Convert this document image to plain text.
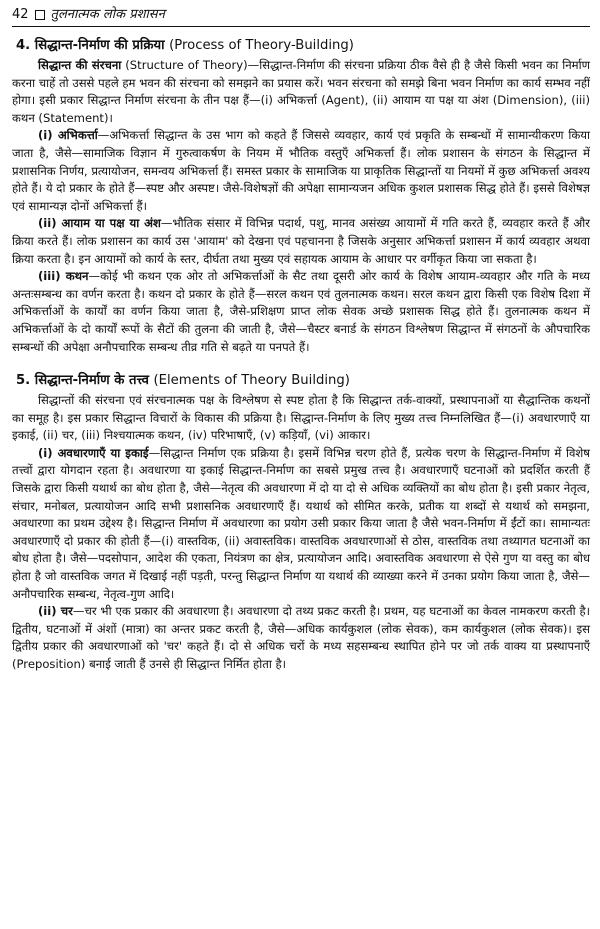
42 तुलनात्मक लोक प्रशासन
4. सिद्धान्त-निर्माण की प्रक्रिया (Process of Theory-Building)

सिद्धान्त की संरचना (Structure of Theory)—सिद्धान्त-निर्माण की संरचना प्रक्रिया ठीक वैसे ही है जैसे किसी भवन का निर्माण करना चाहें तो उससे पहले हम भवन की संरचना को समझने का प्रयास करें। भवन संरचना को समझे बिना भवन निर्माण का कार्य सम्भव नहीं होगा। इसी प्रकार सिद्धान्त निर्माण संरचना के तीन पक्ष हैं—(i) अभिकर्त्ता (Agent), (ii) आयाम या पक्ष या अंश (Dimension), (iii) कथन (Statement)।

(i) अभिकर्त्ता—अभिकर्त्ता सिद्धान्त के उस भाग को कहते हैं जिससे व्यवहार, कार्य एवं प्रकृति के सम्बन्धों में सामान्यीकरण किया जाता है, जैसे—सामाजिक विज्ञान में गुरुत्वाकर्षण के नियम में भौतिक वस्तुएँ अभिकर्त्ता हैं। लोक प्रशासन के संगठन के सिद्धान्त में प्रशासनिक निर्णय, प्रत्यायोजन, समन्वय अभिकर्त्ता हैं। समस्त प्रकार के सामाजिक या प्राकृतिक सिद्धान्तों या नियमों में कुछ अभिकर्त्ता अवश्य होते हैं। ये दो प्रकार के होते हैं—स्पष्ट और अस्पष्ट। जैसे-विशेषज्ञों की अपेक्षा सामान्यजन अधिक कुशल प्रशासक सिद्ध होते हैं। इससे विशेषज्ञ एवं सामान्यज्ञ दोनों अभिकर्त्ता हैं।

(ii) आयाम या पक्ष या अंश—भौतिक संसार में विभिन्न पदार्थ, पशु, मानव असंख्य आयामों में गति करते हैं, व्यवहार करते हैं और क्रिया करते हैं। लोक प्रशासन का कार्य उस 'आयाम' को देखना एवं पहचानना है जिसके अनुसार अभिकर्त्ता प्रशासन में कार्य व्यवहार अथवा क्रिया करता है। इन आयामों को कार्य के स्तर, दीर्घता तथा मुख्य एवं सहायक आयाम के आधार पर वर्गीकृत किया जा सकता है।

(iii) कथन—कोई भी कथन एक ओर तो अभिकर्त्ताओं के सैट तथा दूसरी ओर कार्य के विशेष आयाम-व्यवहार और गति के मध्य अन्तःसम्बन्ध का वर्णन करता है। कथन दो प्रकार के होते हैं—सरल कथन एवं तुलनात्मक कथन। सरल कथन द्वारा किसी एक विशेष दिशा में अभिकर्त्ताओं के कार्यों का वर्णन किया जाता है, जैसे-प्रशिक्षण प्राप्त लोक सेवक अच्छे प्रशासक सिद्ध होते हैं। तुलनात्मक कथन में अभिकर्त्ताओं के दो कार्यों रूपों के सैटों की तुलना की जाती है, जैसे—चैस्टर बनार्ड के संगठन विश्लेषण सिद्धान्त में संगठनों के औपचारिक सम्बन्धों की अपेक्षा अनौपचारिक सम्बन्ध तीव्र गति से बढ़ते या पनपते हैं।

5. सिद्धान्त-निर्माण के तत्त्व (Elements of Theory Building)

सिद्धान्तों की संरचना एवं संरचनात्मक पक्ष के विश्लेषण से स्पष्ट होता है कि सिद्धान्त तर्क-वाक्यों, प्रस्थापनाओं या सैद्धान्तिक कथनों का समूह है। इस प्रकार सिद्धान्त विचारों के विकास की प्रक्रिया है। सिद्धान्त-निर्माण के लिए मुख्य तत्त्व निम्नलिखित हैं—(i) अवधारणाएँ या इकाई, (ii) चर, (iii) निश्चयात्मक कथन, (iv) परिभाषाएँ, (v) कड़ियाँ, (vi) आकार।

(i) अवधारणाएँ या इकाई—सिद्धान्त निर्माण एक प्रक्रिया है। इसमें विभिन्न चरण होते हैं, प्रत्येक चरण के सिद्धान्त-निर्माण में विशेष तत्त्वों द्वारा योगदान रहता है। अवधारणा या इकाई सिद्धान्त-निर्माण का सबसे प्रमुख तत्त्व है। अवधारणाएँ घटनाओं को प्रदर्शित करती हैं जिसके द्वारा किसी यथार्थ का बोध होता है, जैसे—नेतृत्व की अवधारणा में दो या दो से अधिक व्यक्तियों का बोध होता है। इसी प्रकार नेतृत्व, संचार, मनोबल, प्रत्यायोजन आदि सभी प्रशासनिक अवधारणाएँ हैं। यथार्थ को सीमित करके, प्रतीक या शब्दों से यथार्थ को समझना, अवधारणा का प्रथम उद्देश्य है। सिद्धान्त निर्माण में अवधारणा का प्रयोग उसी प्रकार किया जाता है जैसे भवन-निर्माण में ईंटों का। सामान्यतः अवधारणाएँ दो प्रकार की होती हैं—(i) वास्तविक, (ii) अवास्तविक। वास्तविक अवधारणाओं से ठोस, वास्तविक तथा तथ्यागत घटनाओं का बोध होता है। जैसे—पदसोपान, आदेश की एकता, नियंत्रण का क्षेत्र, प्रत्यायोजन आदि। अवास्तविक अवधारणा से ऐसे गुण या वस्तु का बोध होता है जो वास्तविक जगत में दिखाई नहीं पड़ती, परन्तु सिद्धान्त निर्माण या यथार्थ की व्याख्या करने में उनका प्रयोग किया जाता है, जैसे—अनौपचारिक सम्बन्ध, नेतृत्व-गुण आदि।

(ii) चर—चर भी एक प्रकार की अवधारणा है। अवधारणा दो तथ्य प्रकट करती है। प्रथम, यह घटनाओं का केवल नामकरण करती है। द्वितीय, घटनाओं में अंशों (मात्रा) का अन्तर प्रकट करती है, जैसे—अधिक कार्यकुशल (लोक सेवक), कम कार्यकुशल (लोक सेवक)। इस द्वितीय प्रकार की अवधारणाओं को 'चर' कहते हैं। दो से अधिक चरों के मध्य सहसम्बन्ध स्थापित होने पर जो तर्क वाक्य या प्रस्थापनाएँ (Preposition) बनाई जाती हैं उनसे ही सिद्धान्त निर्मित होता है।
